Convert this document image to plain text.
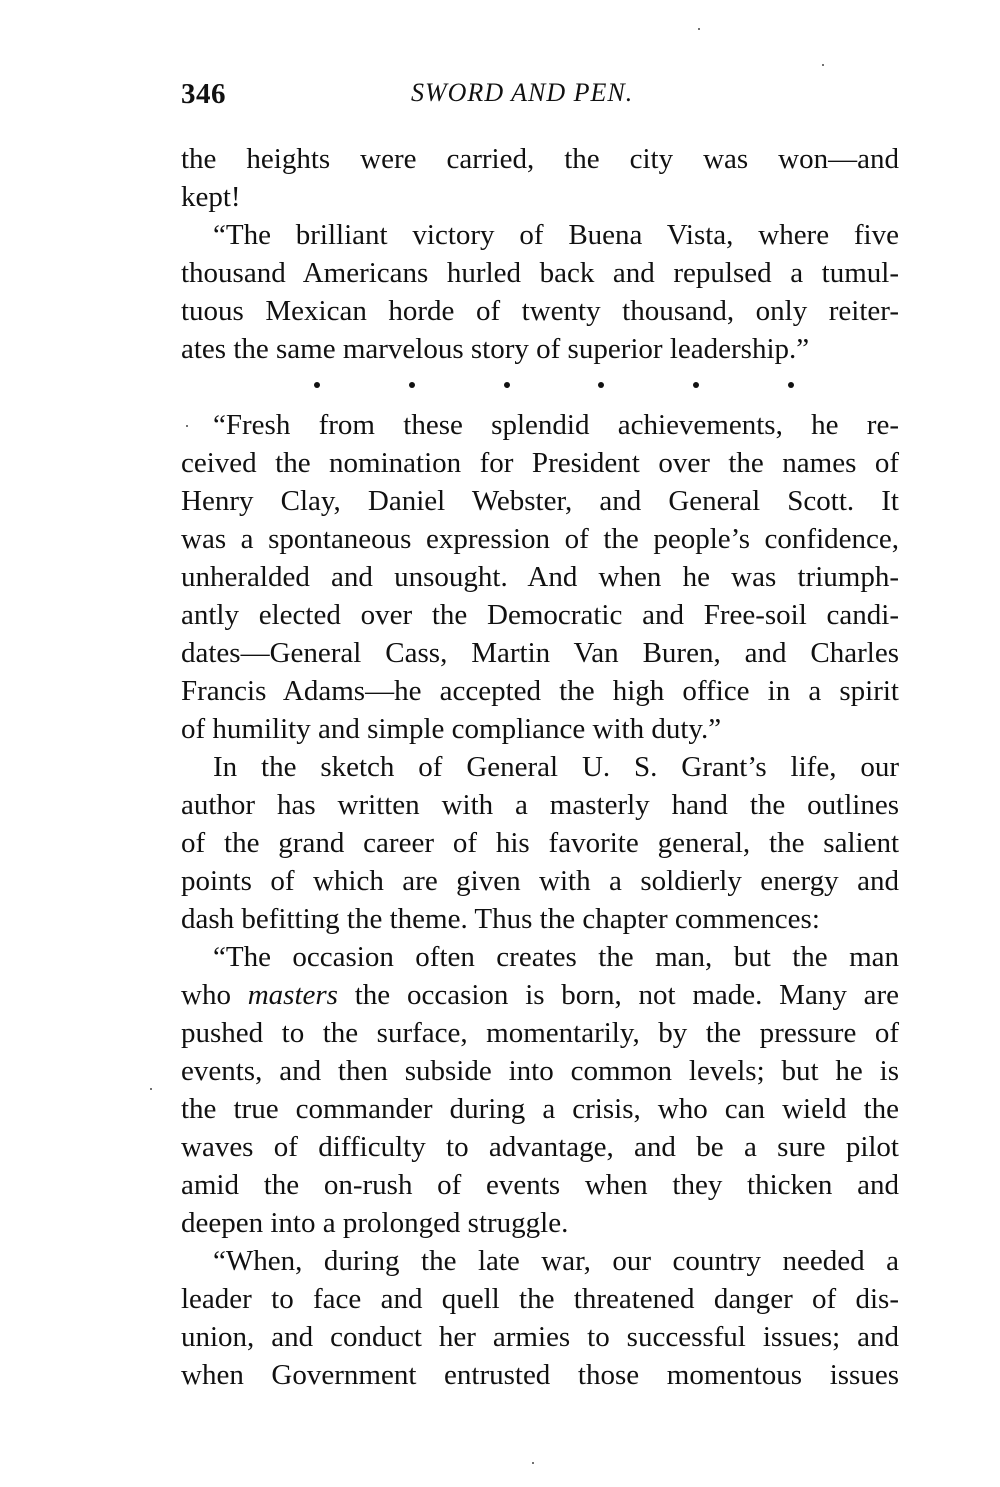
346	SWORD AND PEN.
the heights were carried, the city was won—and
kept!
“The brilliant victory of Buena Vista, where five
thousand Americans hurled back and repulsed a tumul-
tuous Mexican horde of twenty thousand, only reiter-
ates the same marvelous story of superior leadership.”
“Fresh from these splendid achievements, he re-
ceived the nomination for President over the names of
Henry Clay, Daniel Webster, and General Scott. It
was a spontaneous expression of the people’s confidence,
unheralded and unsought. And when he was triumph-
antly elected over the Democratic and Free-soil candi-
dates—General Cass, Martin Van Buren, and Charles
Francis Adams—he accepted the high office in a spirit
of humility and simple compliance with duty.”
In the sketch of General U. S. Grant’s life, our
author has written with a masterly hand the outlines
of the grand career of his favorite general, the salient
points of which are given with a soldierly energy and
dash befitting the theme. Thus the chapter commences:
“The occasion often creates the man, but the man
who masters the occasion is born, not made. Many are
pushed to the surface, momentarily, by the pressure of
events, and then subside into common levels; but he is
the true commander during a crisis, who can wield the
waves of difficulty to advantage, and be a sure pilot
amid the on-rush of events when they thicken and
deepen into a prolonged struggle.
“When, during the late war, our country needed a
leader to face and quell the threatened danger of dis-
union, and conduct her armies to successful issues; and
when Government entrusted those momentous issues
